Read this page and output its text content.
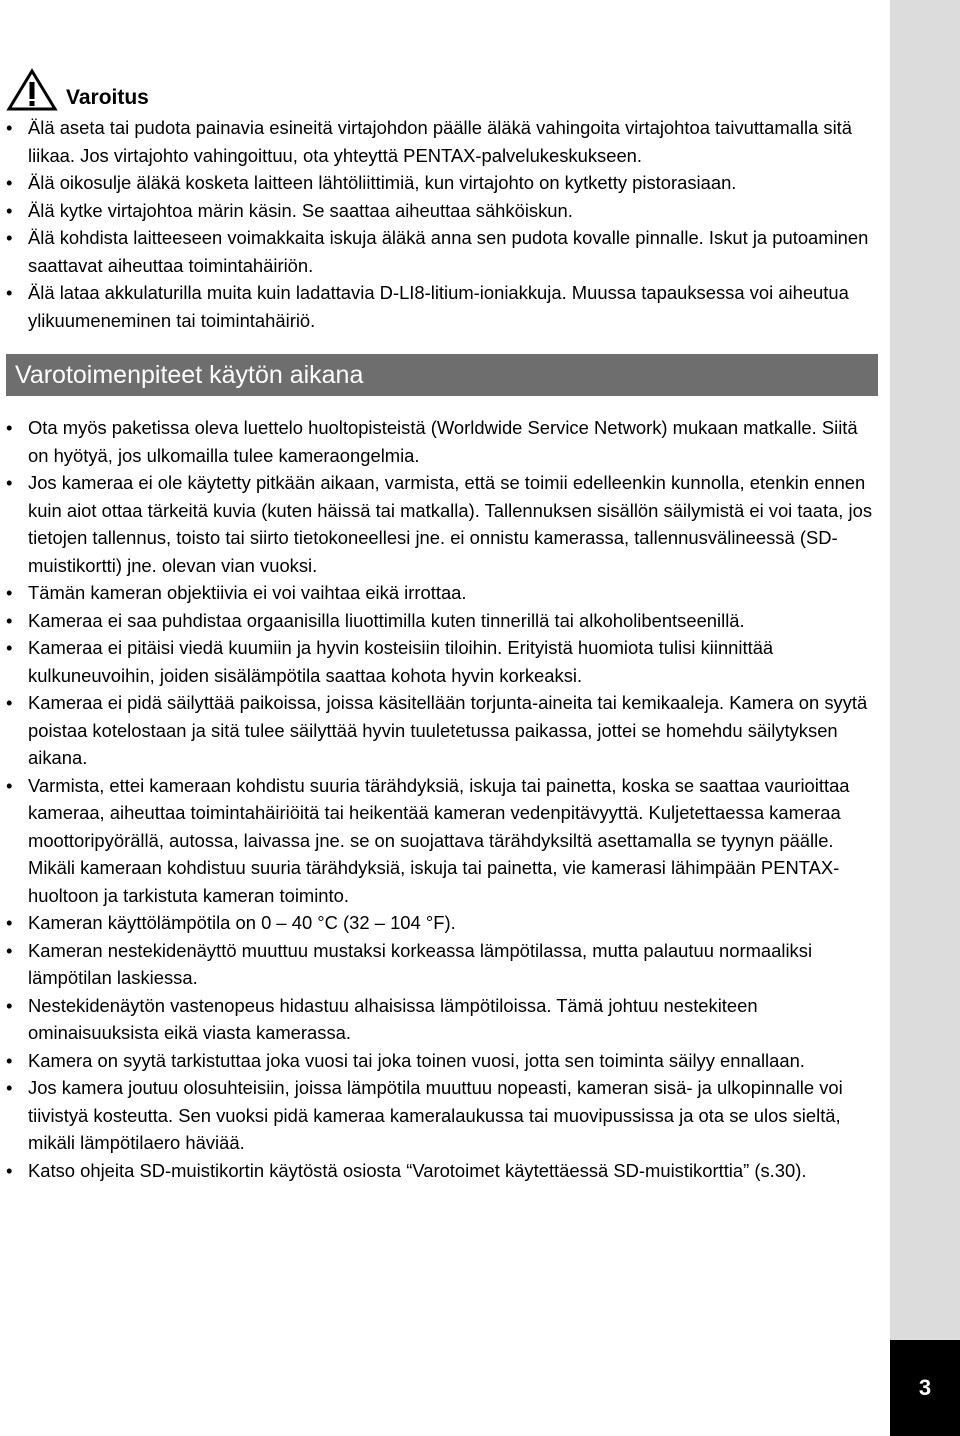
3
Varoitus
• Älä aseta tai pudota painavia esineitä virtajohdon päälle äläkä vahingoita virtajohtoa taivuttamalla sitä liikaa. Jos virtajohto vahingoittuu, ota yhteyttä PENTAX-palvelukeskukseen.
• Älä oikosulje äläkä kosketa laitteen lähtöliittimiä, kun virtajohto on kytketty pistorasiaan.
• Älä kytke virtajohtoa märin käsin. Se saattaa aiheuttaa sähköiskun.
• Älä kohdista laitteeseen voimakkaita iskuja äläkä anna sen pudota kovalle pinnalle. Iskut ja putoaminen saattavat aiheuttaa toimintahäiriön.
• Älä lataa akkulaturilla muita kuin ladattavia D-LI8-litium-ioniakkuja. Muussa tapauksessa voi aiheutua ylikuumeneminen tai toimintahäiriö.
Varotoimenpiteet käytön aikana
• Ota myös paketissa oleva luettelo huoltopisteistä (Worldwide Service Network) mukaan matkalle. Siitä on hyötyä, jos ulkomailla tulee kameraongelmia.
• Jos kameraa ei ole käytetty pitkään aikaan, varmista, että se toimii edelleenkin kunnolla, etenkin ennen kuin aiot ottaa tärkeitä kuvia (kuten häissä tai matkalla). Tallennuksen sisällön säilymistä ei voi taata, jos tietojen tallennus, toisto tai siirto tietokoneellesi jne. ei onnistu kamerassa, tallennusvälineessä (SD-muistikortti) jne. olevan vian vuoksi.
• Tämän kameran objektiivia ei voi vaihtaa eikä irrottaa.
• Kameraa ei saa puhdistaa orgaanisilla liuottimilla kuten tinnerillä tai alkoholibentseenillä.
• Kameraa ei pitäisi viedä kuumiin ja hyvin kosteisiin tiloihin. Erityistä huomiota tulisi kiinnittää kulkuneuvoihin, joiden sisälämpötila saattaa kohota hyvin korkeaksi.
• Kameraa ei pidä säilyttää paikoissa, joissa käsitellään torjunta-aineita tai kemikaaleja. Kamera on syytä poistaa kotelostaan ja sitä tulee säilyttää hyvin tuuletetussa paikassa, jottei se homehdu säilytyksen aikana.
• Varmista, ettei kameraan kohdistu suuria tärähdyksiä, iskuja tai painetta, koska se saattaa vaurioittaa kameraa, aiheuttaa toimintahäiriöitä tai heikentää kameran vedenpitävyyttä. Kuljetettaessa kameraa moottoripyörällä, autossa, laivassa jne. se on suojattava tärähdyksiltä asettamalla se tyynyn päälle. Mikäli kameraan kohdistuu suuria tärähdyksiä, iskuja tai painetta, vie kamerasi lähimpään PENTAX-huoltoon ja tarkistuta kameran toiminto.
• Kameran käyttölämpötila on 0 – 40 °C (32 – 104 °F).
• Kameran nestekidenäyttö muuttuu mustaksi korkeassa lämpötilassa, mutta palautuu normaaliksi lämpötilan laskiessa.
• Nestekidenäytön vastenopeus hidastuu alhaisissa lämpötiloissa. Tämä johtuu nestekiteen ominaisuuksista eikä viasta kamerassa.
• Kamera on syytä tarkistuttaa joka vuosi tai joka toinen vuosi, jotta sen toiminta säilyy ennallaan.
• Jos kamera joutuu olosuhteisiin, joissa lämpötila muuttuu nopeasti, kameran sisä- ja ulkopinnalle voi tiivistyä kosteutta. Sen vuoksi pidä kameraa kameralaukussa tai muovipussissa ja ota se ulos sieltä, mikäli lämpötilaero häviää.
• Katso ohjeita SD-muistikortin käytöstä osiosta “Varotoimet käytettäessä SD-muistikorttia” (s.30).
